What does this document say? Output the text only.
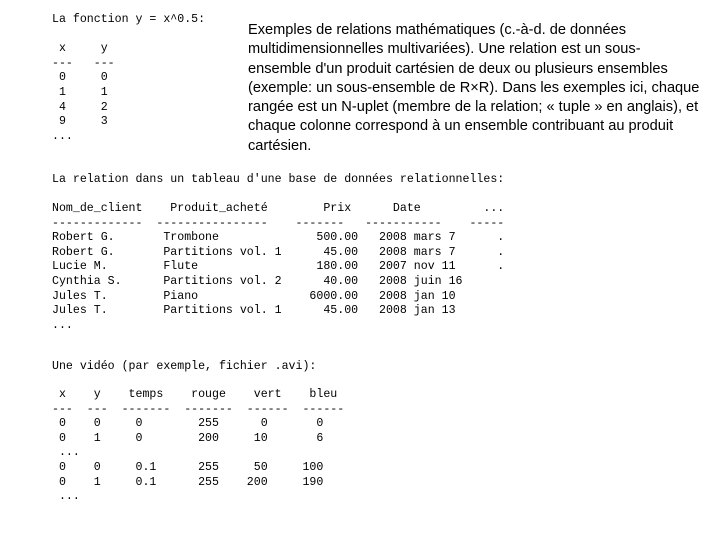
La fonction y = x^0.5:

x     y
---   ---
0     0
1     1
4     2
9     3
...

Exemples de relations mathématiques (c.-à-d. de données multidimensionnelles multivariées). Une relation est un sous-ensemble d'un produit cartésien de deux ou plusieurs ensembles (exemple: un sous-ensemble de R×R). Dans les exemples ici, chaque rangée est un N-uplet (membre de la relation; « tuple » en anglais), et chaque colonne correspond à un ensemble contribuant au produit cartésien.

La relation dans un tableau d'une base de données relationnelles:
Nom_de_client    Produit_acheté        Prix      Date         ...
-------------  ----------------    -------   -----------    -----
Robert G.       Trombone              500.00   2008 mars 7      .
Robert G.       Partitions vol. 1      45.00   2008 mars 7      .
Lucie M.        Flute                 180.00   2007 nov 11      .
Cynthia S.      Partitions vol. 2      40.00   2008 juin 16
Jules T.        Piano                6000.00   2008 jan 10
Jules T.        Partitions vol. 1      45.00   2008 jan 13
...
Une vidéo (par exemple, fichier .avi):
x    y    temps    rouge    vert    bleu
---  ---  -------  -------  ------  ------
0    0     0        255      0       0
0    1     0        200     10       6
...
0    0     0.1      255     50     100
0    1     0.1      255    200     190
...
